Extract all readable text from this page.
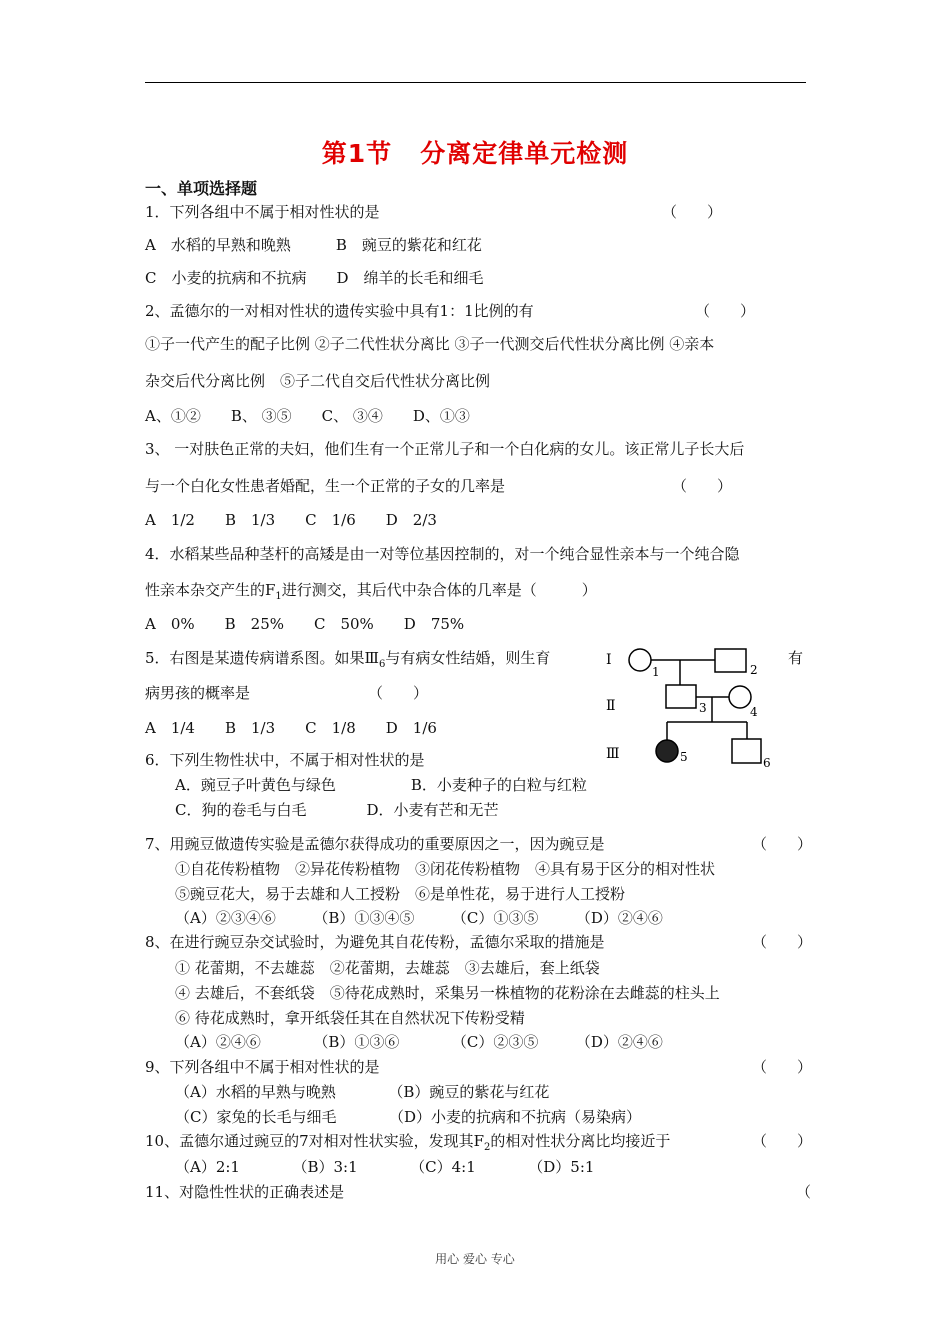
第1节 分离定律单元检测
一、单项选择题
1．下列各组中不属于相对性状的是	（　　）
A　水稻的早熟和晚熟　　　B　豌豆的紫花和红花
C　小麦的抗病和不抗病　　D　绵羊的长毛和细毛
2、孟德尔的一对相对性状的遗传实验中具有1：1比例的有	（　　）
①子一代产生的配子比例 ②子二代性状分离比 ③子一代测交后代性状分离比例 ④亲本
杂交后代分离比例　⑤子二代自交后代性状分离比例
A、①②　　B、 ③⑤　　C、 ③④　　D、①③
3、 一对肤色正常的夫妇，他们生有一个正常儿子和一个白化病的女儿。该正常儿子长大后
与一个白化女性患者婚配，生一个正常的子女的几率是	（　　）
A　1/2　　B　1/3　　C　1/6　　D　2/3
4．水稻某些品种茎杆的高矮是由一对等位基因控制的，对一个纯合显性亲本与一个纯合隐
性亲本杂交产生的$F_1$进行测交，其后代中杂合体的几率是（　　　）
A　0%　　B　25%　　C　50%　　D　75%
5．右图是某遗传病谱系图。如果$Ⅲ_6$与有病女性结婚，则生育	有
病男孩的概率是	（　　）
A　1/4　　B　1/3　　C　1/8　　D　1/6
Ⅰ
Ⅱ
Ⅲ
1	2
3	4
5	6
6．下列生物性状中，不属于相对性状的是
A．豌豆子叶黄色与绿色　　　　　B．小麦种子的白粒与红粒
C．狗的卷毛与白毛　　　　D．小麦有芒和无芒
7、用豌豆做遗传实验是孟德尔获得成功的重要原因之一，因为豌豆是	（　　）
①自花传粉植物　②异花传粉植物　③闭花传粉植物　④具有易于区分的相对性状
⑤豌豆花大，易于去雄和人工授粉　⑥是单性花，易于进行人工授粉
（A）②③④⑥　　　（B）①③④⑤　　　（C）①③⑤　　　（D）②④⑥
8、在进行豌豆杂交试验时，为避免其自花传粉，孟德尔采取的措施是	（　　）
① 花蕾期，不去雄蕊　②花蕾期，去雄蕊　③去雄后，套上纸袋
④ 去雄后，不套纸袋　⑤待花成熟时，采集另一株植物的花粉涂在去雌蕊的柱头上
⑥ 待花成熟时，拿开纸袋任其在自然状况下传粉受精
（A）②④⑥　　　　（B）①③⑥　　　　（C）②③⑤　　　（D）②④⑥
9、下列各组中不属于相对性状的是	（　　）
（A）水稻的早熟与晚熟　　　　（B）豌豆的紫花与红花
（C）家兔的长毛与细毛　　　　（D）小麦的抗病和不抗病（易染病）
10、孟德尔通过豌豆的7对相对性状实验，发现其$F_2$的相对性状分离比均接近于	（　　）
（A）2:1　　　　（B）3:1　　　　（C）4:1　　　　（D）5:1
11、对隐性性状的正确表述是	（
用心 爱心 专心
